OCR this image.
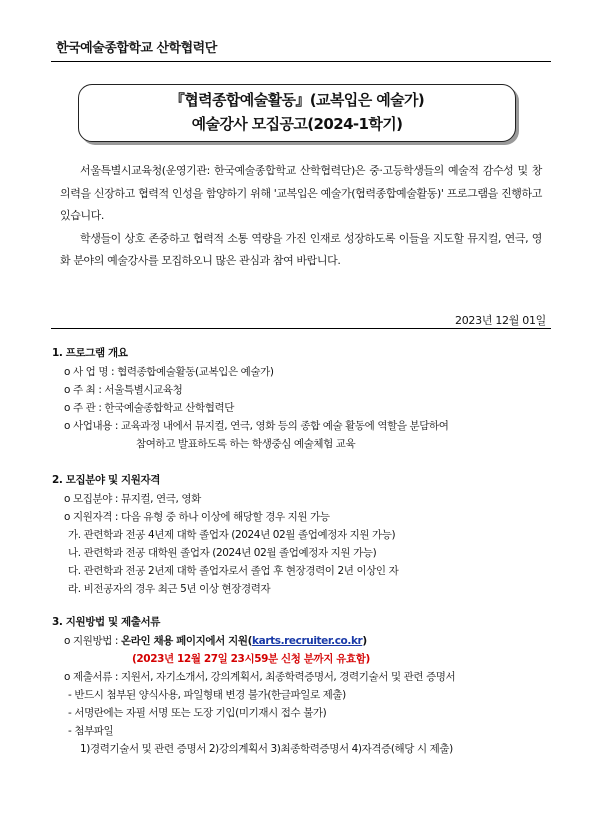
한국예술종합학교 산학협력단
『협력종합예술활동』(교복입은 예술가)
예술강사 모집공고(2024-1학기)

서울특별시교육청(운영기관: 한국예술종합학교 산학협력단)은 중·고등학생들의 예술적 감수성 및 창의력을 신장하고 협력적 인성을 함양하기 위해 '교복입은 예술가(협력종합예술활동)' 프로그램을 진행하고 있습니다.

학생들이 상호 존중하고 협력적 소통 역량을 가진 인재로 성장하도록 이들을 지도할 뮤지컬, 연극, 영화 분야의 예술강사를 모집하오니 많은 관심과 참여 바랍니다.

2023년 12월 01일
1. 프로그램 개요
o 사 업 명 : 협력종합예술활동(교복입은 예술가)
o 주 최 : 서울특별시교육청
o 주 관 : 한국예술종합학교 산학협력단
o 사업내용 : 교육과정 내에서 뮤지컬, 연극, 영화 등의 종합 예술 활동에 역할을 분담하여
참여하고 발표하도록 하는 학생중심 예술체험 교육
2. 모집분야 및 지원자격
o 모집분야 : 뮤지컬, 연극, 영화
o 지원자격 : 다음 유형 중 하나 이상에 해당할 경우 지원 가능
가. 관련학과 전공 4년제 대학 졸업자 (2024년 02월 졸업예정자 지원 가능)
나. 관련학과 전공 대학원 졸업자 (2024년 02월 졸업예정자 지원 가능)
다. 관련학과 전공 2년제 대학 졸업자로서 졸업 후 현장경력이 2년 이상인 자
라. 비전공자의 경우 최근 5년 이상 현장경력자
3. 지원방법 및 제출서류
o 지원방법 : 온라인 채용 페이지에서 지원(karts.recruiter.co.kr)
(2023년 12월 27일 23시59분 신청 분까지 유효함)
o 제출서류 : 지원서, 자기소개서, 강의계획서, 최종학력증명서, 경력기술서 및 관련 증명서
- 반드시 첨부된 양식사용, 파일형태 변경 불가(한글파일로 제출)
- 서명란에는 자필 서명 또는 도장 기입(미기재시 접수 불가)
- 첨부파일
1)경력기술서 및 관련 증명서 2)강의계획서 3)최종학력증명서 4)자격증(해당 시 제출)
